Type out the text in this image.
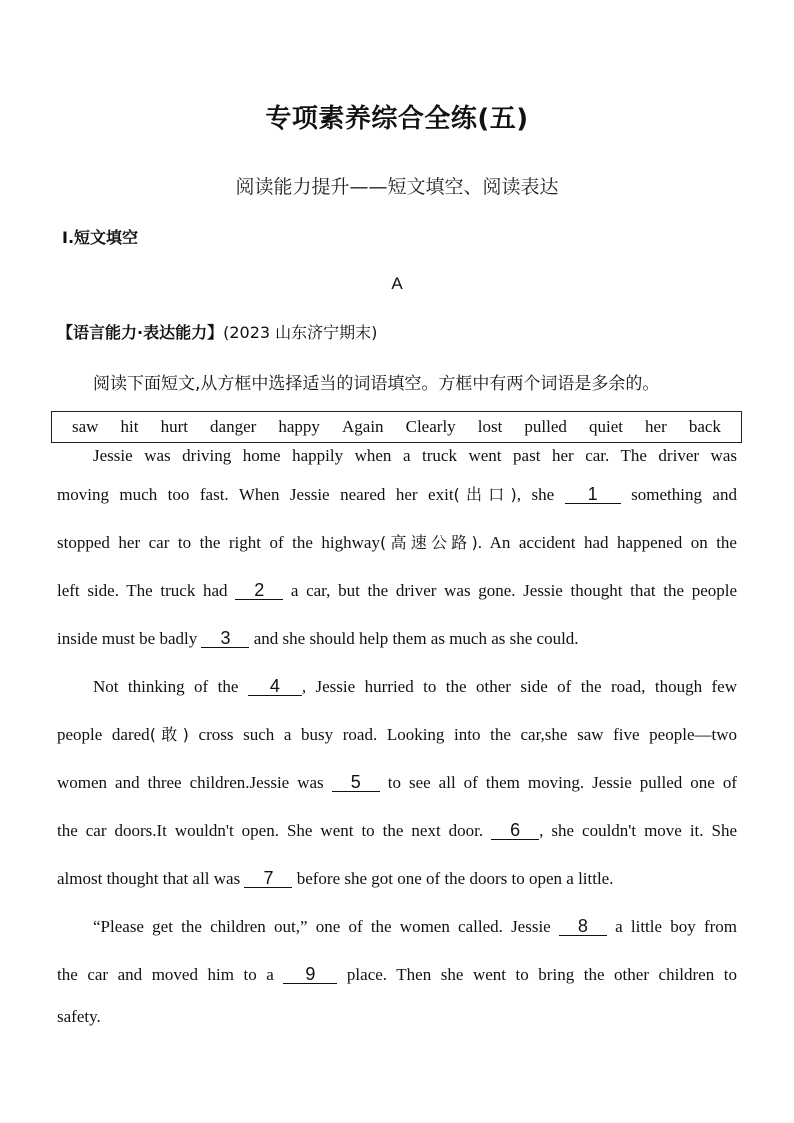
专项素养综合全练(五)
阅读能力提升——短文填空、阅读表达
Ⅰ.短文填空
A
【语言能力·表达能力】(2023 山东济宁期末)
阅读下面短文,从方框中选择适当的词语填空。方框中有两个词语是多余的。
saw hit hurt danger happy Again Clearly lost pulled quiet her back
Jessie was driving home happily when a truck went past her car. The driver was
moving much too fast. When Jessie neared her exit(出口), she 1 something and
stopped her car to the right of the highway(高速公路). An accident had happened on the
left side. The truck had 2 a car, but the driver was gone. Jessie thought that the people
inside must be badly 3 and she should help them as much as she could.
Not thinking of the 4 , Jessie hurried to the other side of the road, though few
people dared(敢) cross such a busy road. Looking into the car,she saw five people—two
women and three children.Jessie was 5 to see all of them moving. Jessie pulled one of
the car doors.It wouldn't open. She went to the next door. 6 , she couldn't move it. She
almost thought that all was 7 before she got one of the doors to open a little.
“Please get the children out,” one of the women called. Jessie 8 a little boy from
the car and moved him to a 9 place. Then she went to bring the other children to
safety.
